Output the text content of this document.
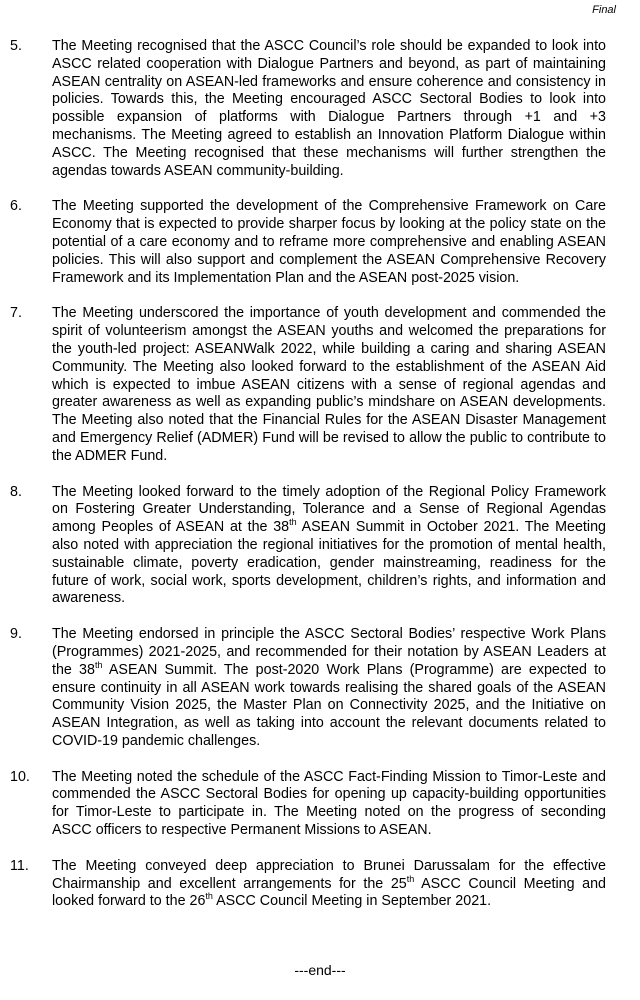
Final
5.	The Meeting recognised that the ASCC Council’s role should be expanded to look into ASCC related cooperation with Dialogue Partners and beyond, as part of maintaining ASEAN centrality on ASEAN-led frameworks and ensure coherence and consistency in policies. Towards this, the Meeting encouraged ASCC Sectoral Bodies to look into possible expansion of platforms with Dialogue Partners through +1 and +3 mechanisms. The Meeting agreed to establish an Innovation Platform Dialogue within ASCC. The Meeting recognised that these mechanisms will further strengthen the agendas towards ASEAN community-building.
6.	The Meeting supported the development of the Comprehensive Framework on Care Economy that is expected to provide sharper focus by looking at the policy state on the potential of a care economy and to reframe more comprehensive and enabling ASEAN policies. This will also support and complement the ASEAN Comprehensive Recovery Framework and its Implementation Plan and the ASEAN post-2025 vision.
7.	The Meeting underscored the importance of youth development and commended the spirit of volunteerism amongst the ASEAN youths and welcomed the preparations for the youth-led project: ASEANWalk 2022, while building a caring and sharing ASEAN Community. The Meeting also looked forward to the establishment of the ASEAN Aid which is expected to imbue ASEAN citizens with a sense of regional agendas and greater awareness as well as expanding public’s mindshare on ASEAN developments. The Meeting also noted that the Financial Rules for the ASEAN Disaster Management and Emergency Relief (ADMER) Fund will be revised to allow the public to contribute to the ADMER Fund.
8.	The Meeting looked forward to the timely adoption of the Regional Policy Framework on Fostering Greater Understanding, Tolerance and a Sense of Regional Agendas among Peoples of ASEAN at the 38th ASEAN Summit in October 2021. The Meeting also noted with appreciation the regional initiatives for the promotion of mental health, sustainable climate, poverty eradication, gender mainstreaming, readiness for the future of work, social work, sports development, children’s rights, and information and awareness.
9.	The Meeting endorsed in principle the ASCC Sectoral Bodies’ respective Work Plans (Programmes) 2021-2025, and recommended for their notation by ASEAN Leaders at the 38th ASEAN Summit. The post-2020 Work Plans (Programme) are expected to ensure continuity in all ASEAN work towards realising the shared goals of the ASEAN Community Vision 2025, the Master Plan on Connectivity 2025, and the Initiative on ASEAN Integration, as well as taking into account the relevant documents related to COVID-19 pandemic challenges.
10.	The Meeting noted the schedule of the ASCC Fact-Finding Mission to Timor-Leste and commended the ASCC Sectoral Bodies for opening up capacity-building opportunities for Timor-Leste to participate in. The Meeting noted on the progress of seconding ASCC officers to respective Permanent Missions to ASEAN.
11.	The Meeting conveyed deep appreciation to Brunei Darussalam for the effective Chairmanship and excellent arrangements for the 25th ASCC Council Meeting and looked forward to the 26th ASCC Council Meeting in September 2021.
---end---
